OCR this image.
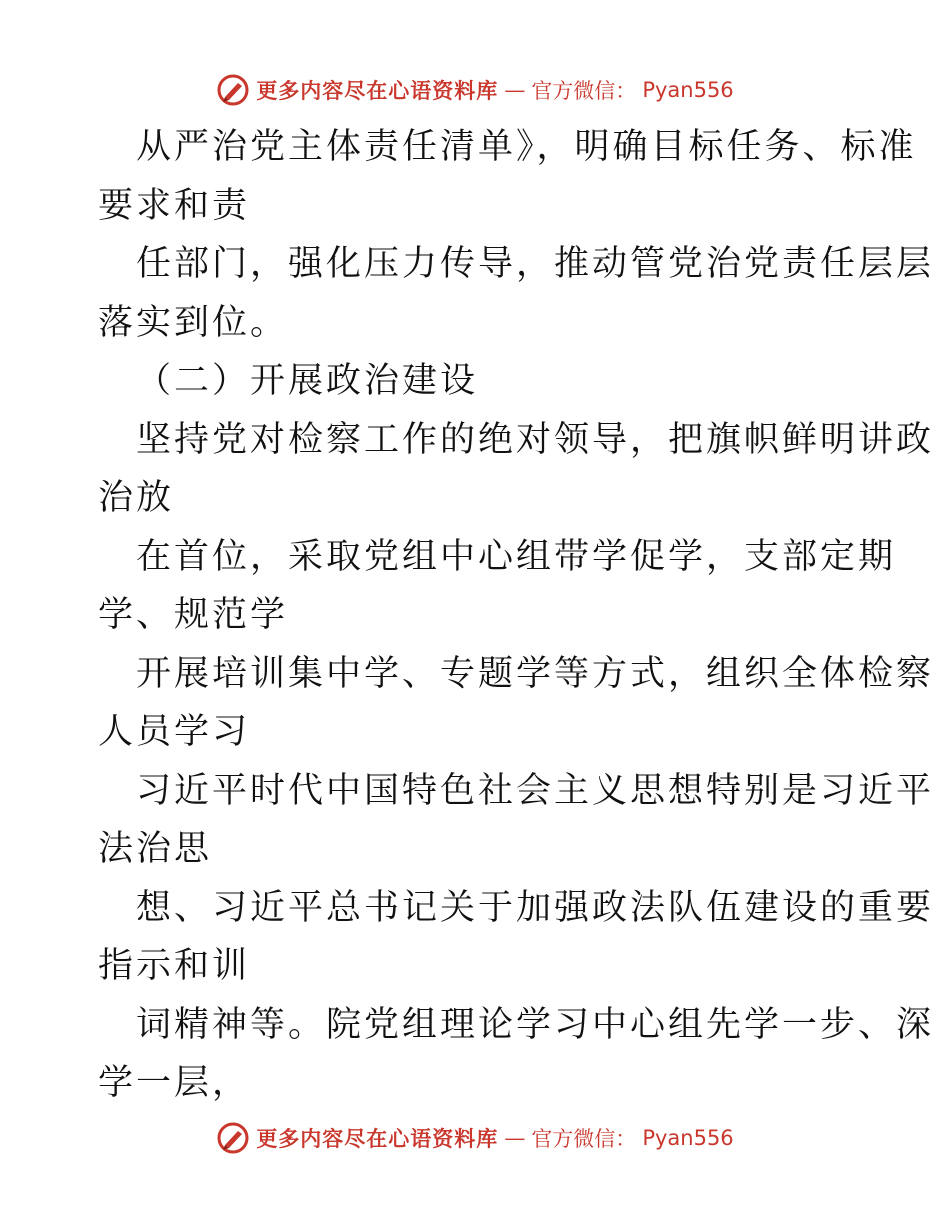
更多内容尽在心语资料库 — 官方微信： Pyan556
从严治党主体责任清单》，明确目标任务、标准
要求和责
任部门，强化压力传导，推动管党治党责任层层
落实到位。
（二）开展政治建设
坚持党对检察工作的绝对领导，把旗帜鲜明讲政
治放
在首位，采取党组中心组带学促学，支部定期
学、规范学
开展培训集中学、专题学等方式，组织全体检察
人员学习
习近平时代中国特色社会主义思想特别是习近平
法治思
想、习近平总书记关于加强政法队伍建设的重要
指示和训
词精神等。院党组理论学习中心组先学一步、深
学一层，
更多内容尽在心语资料库 — 官方微信： Pyan556
